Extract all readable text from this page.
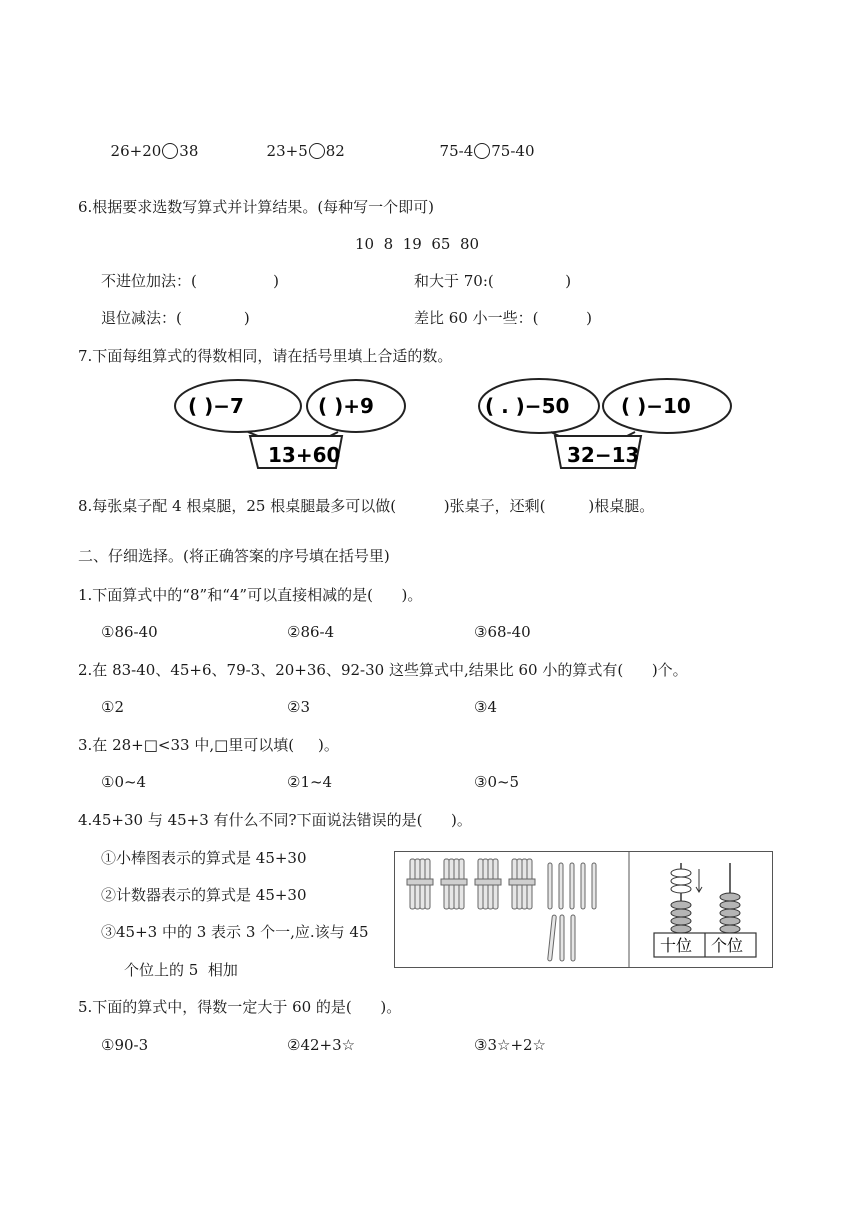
26+20 38	23+5 82	75-4 75-40

6.根据要求选数写算式并计算结果。(每种写一个即可)
10  8  19  65  80
不进位加法：(                )	和大于 70:(               )
退位减法：(             )	差比 60 小一些：(          )
7.下面每组算式的得数相同，请在括号里填上合适的数。
( )−7	( )+9
13+60
( . )−50	( )−10
32−13
8.每张桌子配 4 根桌腿，25 根桌腿最多可以做(          )张桌子，还剩(         )根桌腿。
二、仔细选择。(将正确答案的序号填在括号里)
1.下面算式中的“8”和“4”可以直接相减的是(      )。
①86-40	②86-4	③68-40
2.在 83-40、45+6、79-3、20+36、92-30 这些算式中,结果比 60 小的算式有(      )个。
①2	②3	③4
3.在 28+□<33 中,□里可以填(     )。
①0~4	②1~4	③0~5
4.45+30 与 45+3 有什么不同?下面说法错误的是(      )。
①小棒图表示的算式是 45+30
②计数器表示的算式是 45+30
③45+3 中的 3 表示 3 个一,应.该与 45
个位上的 5  相加
十位 个位
5.下面的算式中，得数一定大于 60 的是(      )。
①90-3	②42+3☆	③3☆+2☆
